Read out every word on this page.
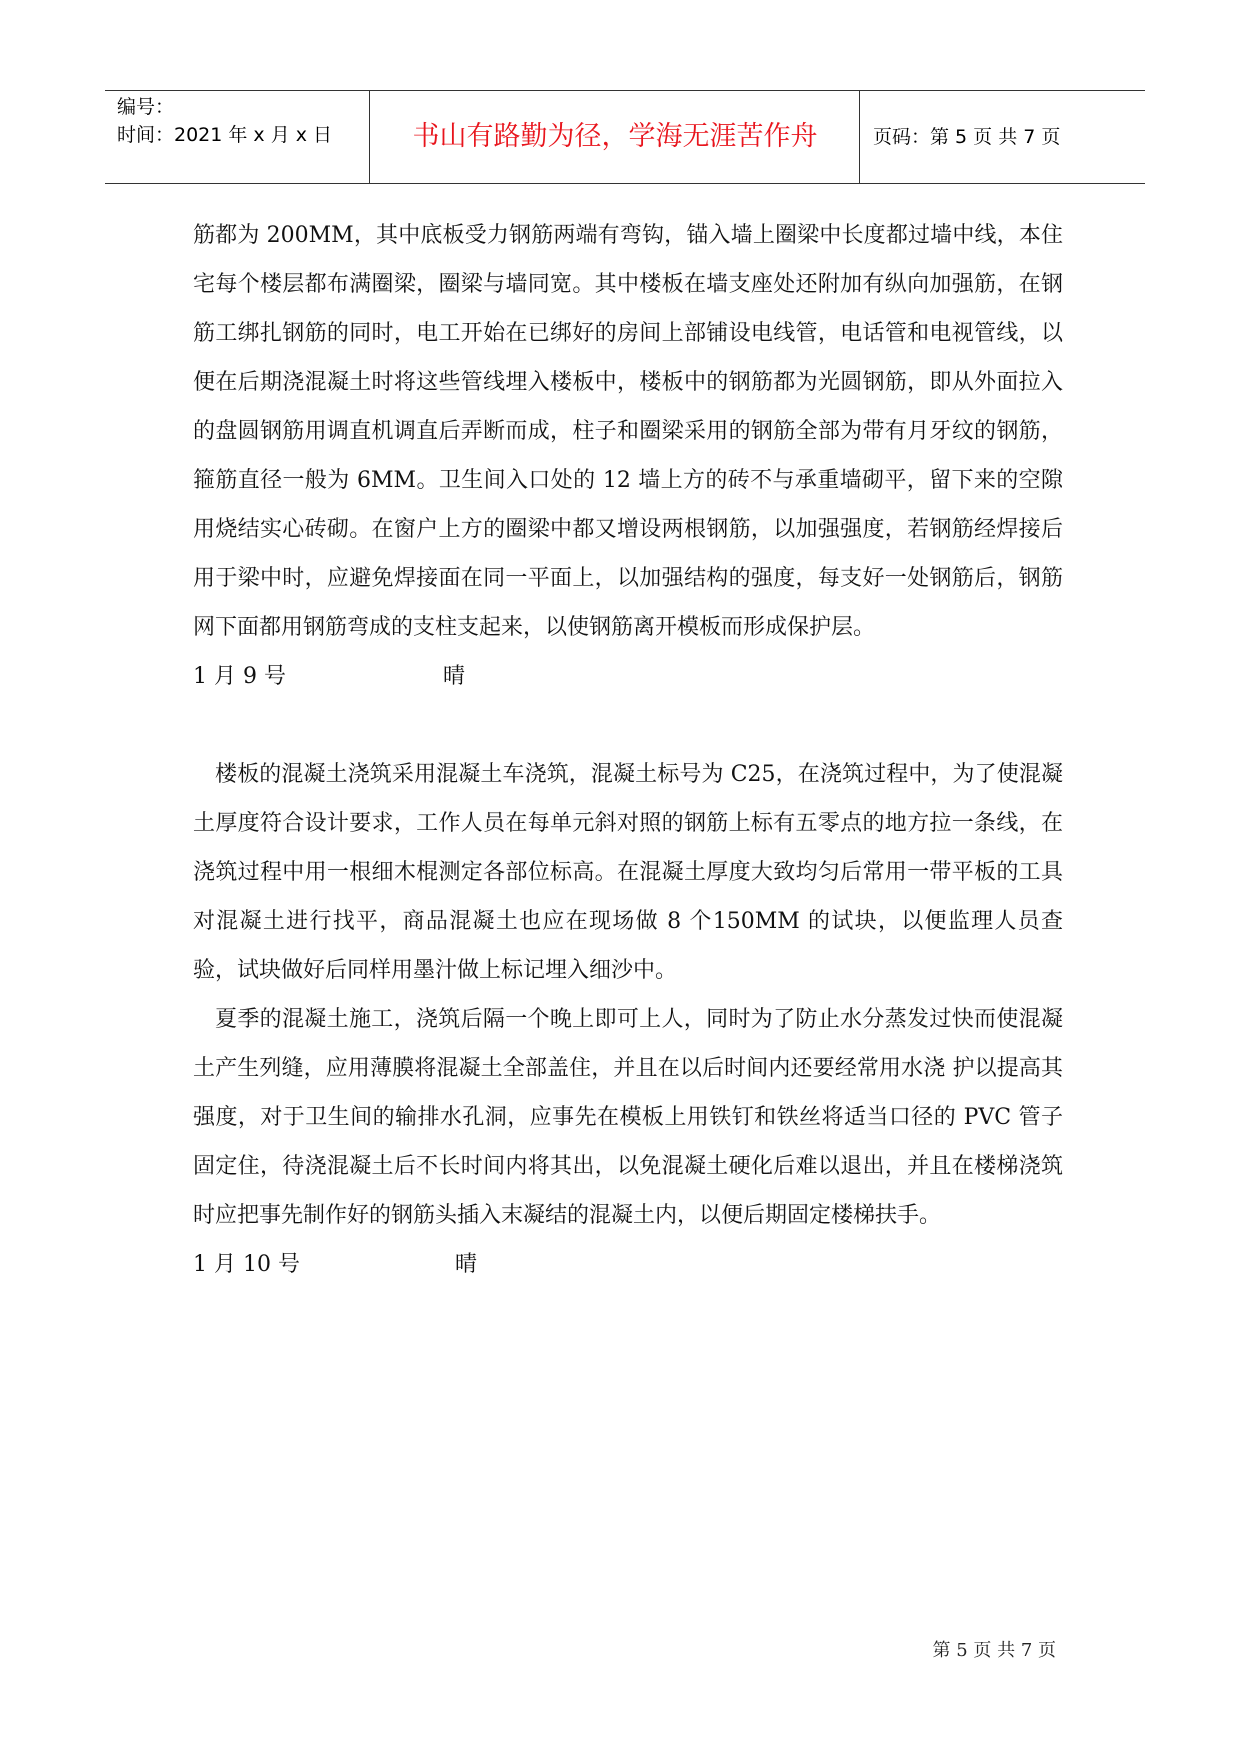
编号：
时间：2021 年 x 月 x 日	书山有路勤为径，学海无涯苦作舟	页码：第 5 页 共 7 页

筋都为 200MM，其中底板受力钢筋两端有弯钩，锚入墙上圈梁中长度都过墙中线，本住宅每个楼层都布满圈梁，圈梁与墙同宽。其中楼板在墙支座处还附加有纵向加强筋，在钢筋工绑扎钢筋的同时，电工开始在已绑好的房间上部铺设电线管，电话管和电视管线，以便在后期浇混凝土时将这些管线埋入楼板中，楼板中的钢筋都为光圆钢筋，即从外面拉入的盘圆钢筋用调直机调直后弄断而成，柱子和圈梁采用的钢筋全部为带有月牙纹的钢筋，箍筋直径一般为 6MM。卫生间入口处的 12 墙上方的砖不与承重墙砌平，留下来的空隙用烧结实心砖砌。在窗户上方的圈梁中都又增设两根钢筋，以加强强度，若钢筋经焊接后用于梁中时，应避免焊接面在同一平面上，以加强结构的强度，每支好一处钢筋后，钢筋网下面都用钢筋弯成的支柱支起来，以使钢筋离开模板而形成保护层。

1 月 9 号	晴

楼板的混凝土浇筑采用混凝土车浇筑，混凝土标号为 C25，在浇筑过程中，为了使混凝土厚度符合设计要求，工作人员在每单元斜对照的钢筋上标有五零点的地方拉一条线，在浇筑过程中用一根细木棍测定各部位标高。在混凝土厚度大致均匀后常用一带平板的工具对混凝土进行找平，商品混凝土也应在现场做 8 个150MM 的试块，以便监理人员查验，试块做好后同样用墨汁做上标记埋入细沙中。

夏季的混凝土施工，浇筑后隔一个晚上即可上人，同时为了防止水分蒸发过快而使混凝土产生列缝，应用薄膜将混凝土全部盖住，并且在以后时间内还要经常用水浇 护以提高其强度，对于卫生间的输排水孔洞，应事先在模板上用铁钉和铁丝将适当口径的 PVC 管子固定住，待浇混凝土后不长时间内将其出，以免混凝土硬化后难以退出，并且在楼梯浇筑时应把事先制作好的钢筋头插入末凝结的混凝土内，以便后期固定楼梯扶手。

1 月 10 号	晴
第 5 页 共 7 页
